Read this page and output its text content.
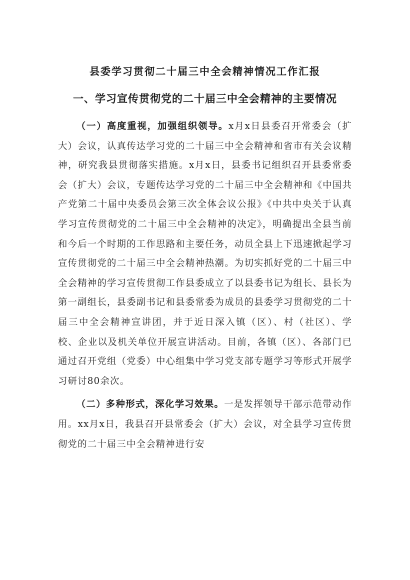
县委学习贯彻二十届三中全会精神情况工作汇报
一、学习宣传贯彻党的二十届三中全会精神的主要情况

（一）高度重视，加强组织领导。x月x日县委召开常委会（扩大）会议，认真传达学习党的二十届三中全会精神和省市有关会议精神，研究我县贯彻落实措施。x月x日，县委书记组织召开县委常委会（扩大）会议，专题传达学习党的二十届三中全会精神和《中国共产党第二十届中央委员会第三次全体会议公报》《中共中央关于认真学习宣传贯彻党的二十届三中全会精神的决定》，明确提出全县当前和今后一个时期的工作思路和主要任务，动员全县上下迅速掀起学习宣传贯彻党的二十届三中全会精神热潮。为切实抓好党的二十届三中全会精神的学习宣传贯彻工作县委成立了以县委书记为组长、县长为第一副组长，县委副书记和县委常委为成员的县委学习贯彻党的二十届三中全会精神宣讲团，并于近日深入镇（区）、村（社区）、学校、企业以及机关单位开展宣讲活动。目前，各镇（区）、各部门已通过召开党组（党委）中心组集中学习党支部专题学习等形式开展学习研讨80余次。

（二）多种形式，深化学习效果。一是发挥领导干部示范带动作用。xx月x日，我县召开县常委会（扩大）会议，对全县学习宣传贯彻党的二十届三中全会精神进行安
